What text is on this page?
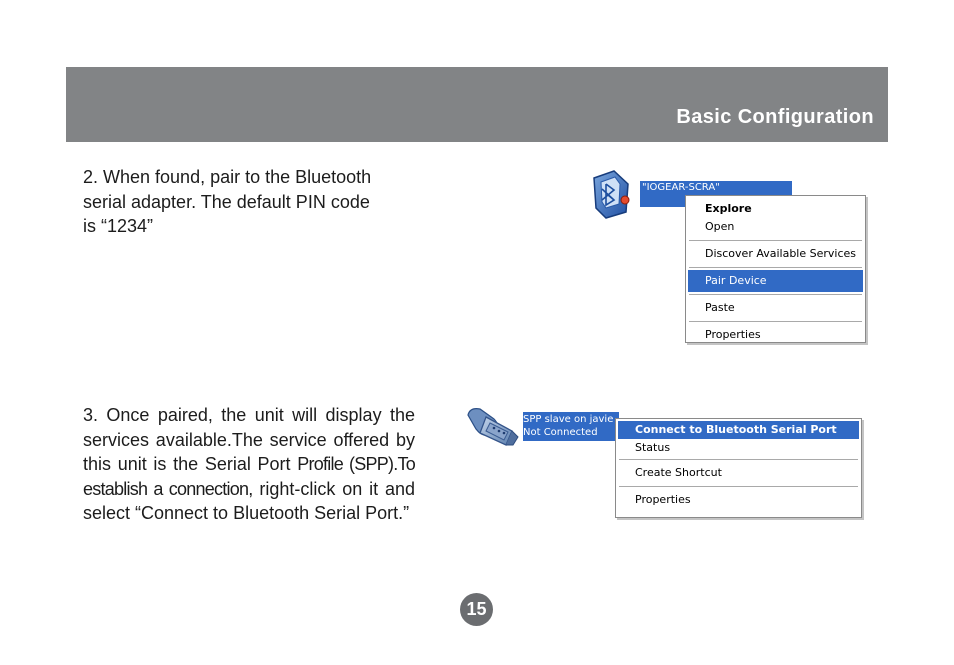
Basic Configuration
2. When found, pair to the Bluetooth
serial adapter. The default PIN code
is “1234”
"IOGEAR-SCRA"
Explore
Open
Discover Available Services
Pair Device
Paste
Properties
3. Once paired, the unit will display the services available.The service offered by this unit is the Serial Port Profile (SPP).To establish a connection, right-click on it and select “Connect to Bluetooth Serial Port.”
SPP slave on javie
Not Connected	Connect to Bluetooth Serial Port
Status
Create Shortcut
Properties
15
